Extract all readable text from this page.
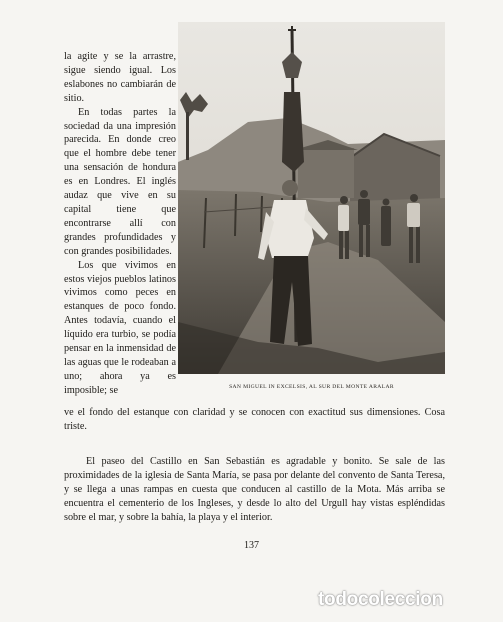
la agite y se la arrastre, sigue siendo igual. Los eslabones no cambiarán de sitio.

En todas partes la sociedad da una impresión parecida. En donde creo que el hombre debe tener una sensación de hondura es en Londres. El inglés audaz que vive en su capital tiene que encontrarse allí con grandes profundidades y con grandes posibilidades.

Los que vivimos en estos viejos pueblos latinos vivimos como peces en estanques de poco fondo. Antes todavía, cuando el líquido era turbio, se podía pensar en la inmensidad de las aguas que le rodeaban a uno; ahora ya es imposible; se	SAN MIGUEL IN EXCELSIS, AL SUR DEL MONTE ARALAR
ve el fondo del estanque con claridad y se conocen con exactitud sus dimensiones. Cosa triste.

El paseo del Castillo en San Sebastián es agradable y bonito. Se sale de las proximidades de la iglesia de Santa María, se pasa por delante del convento de Santa Teresa, y se llega a unas rampas en cuesta que conducen al castillo de la Mota. Más arriba se encuentra el cementerio de los Ingleses, y desde lo alto del Urgull hay vistas espléndidas sobre el mar, y sobre la bahía, la playa y el interior.

137
todocoleccion
